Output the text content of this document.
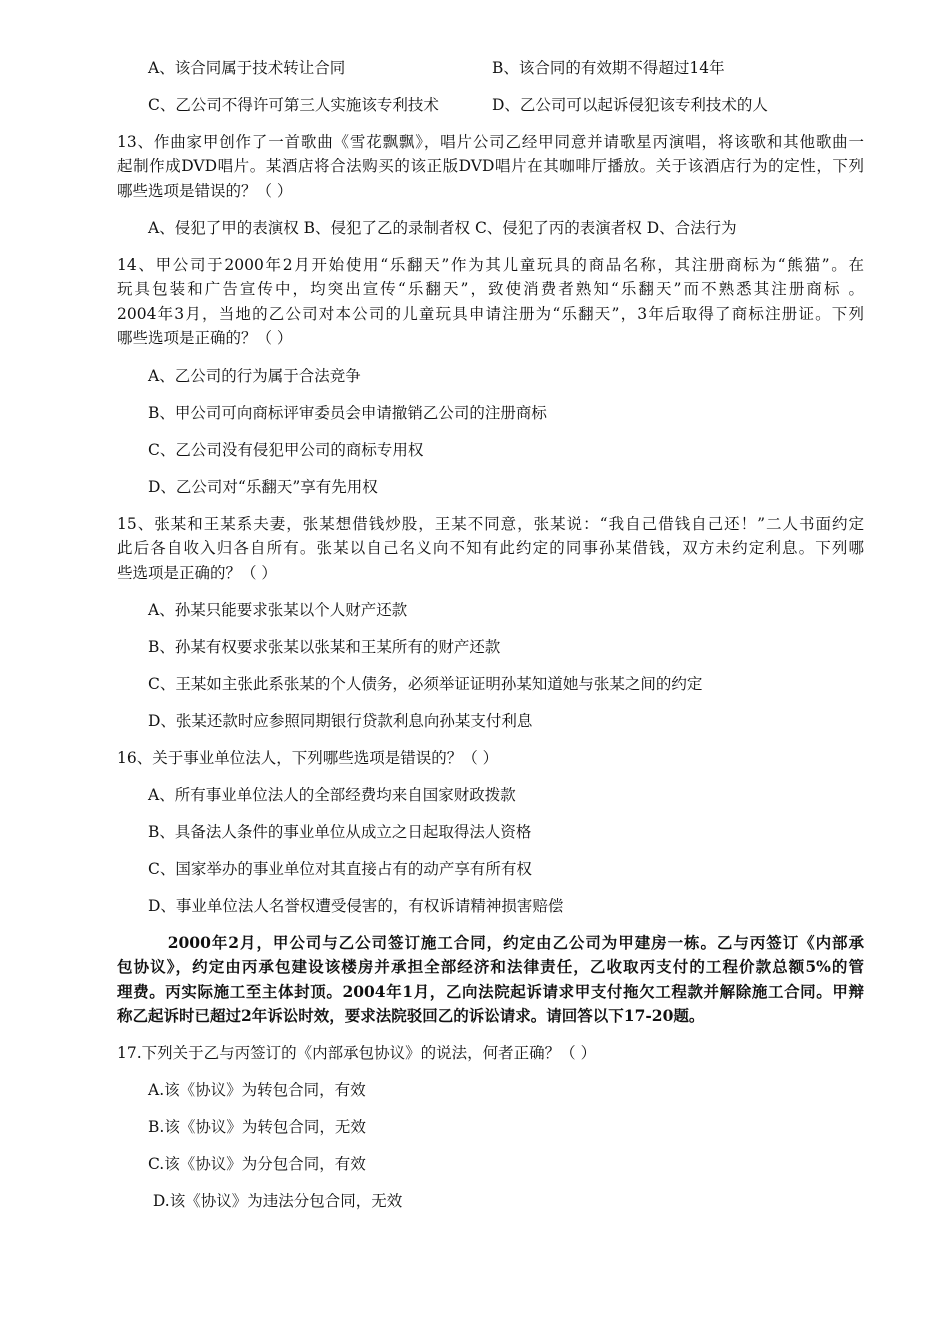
A、该合同属于技术转让合同	B、该合同的有效期不得超过14年
C、乙公司不得许可第三人实施该专利技术	D、乙公司可以起诉侵犯该专利技术的人

13、作曲家甲创作了一首歌曲《雪花飘飘》，唱片公司乙经甲同意并请歌星丙演唱，将该歌和其他歌曲一

起制作成DVD唱片。某酒店将合法购买的该正版DVD唱片在其咖啡厅播放。关于该酒店行为的定性，下列

哪些选项是错误的？（ ）

A、侵犯了甲的表演权 B、侵犯了乙的录制者权 C、侵犯了丙的表演者权 D、合法行为

14、甲公司于2000年2月开始使用“乐翻天”作为其儿童玩具的商品名称，其注册商标为“熊猫”。在

玩具包装和广告宣传中，均突出宣传“乐翻天”，致使消费者熟知“乐翻天”而不熟悉其注册商标 。

2004年3月，当地的乙公司对本公司的儿童玩具申请注册为“乐翻天”，3年后取得了商标注册证。下列

哪些选项是正确的？（ ）

A、乙公司的行为属于合法竞争
B、甲公司可向商标评审委员会申请撤销乙公司的注册商标
C、乙公司没有侵犯甲公司的商标专用权
D、乙公司对“乐翻天”享有先用权

15、张某和王某系夫妻，张某想借钱炒股，王某不同意，张某说：“我自己借钱自己还！”二人书面约定

此后各自收入归各自所有。张某以自己名义向不知有此约定的同事孙某借钱，双方未约定利息。下列哪

些选项是正确的？（ ）

A、孙某只能要求张某以个人财产还款
B、孙某有权要求张某以张某和王某所有的财产还款
C、王某如主张此系张某的个人债务，必须举证证明孙某知道她与张某之间的约定
D、张某还款时应参照同期银行贷款利息向孙某支付利息
16、关于事业单位法人，下列哪些选项是错误的？（ ）
A、所有事业单位法人的全部经费均来自国家财政拨款
B、具备法人条件的事业单位从成立之日起取得法人资格
C、国家举办的事业单位对其直接占有的动产享有所有权
D、事业单位法人名誉权遭受侵害的，有权诉请精神损害赔偿

2000年2月，甲公司与乙公司签订施工合同，约定由乙公司为甲建房一栋。乙与丙签订《内部承

包协议》，约定由丙承包建设该楼房并承担全部经济和法律责任，乙收取丙支付的工程价款总额5%的管

理费。丙实际施工至主体封顶。2004年1月，乙向法院起诉请求甲支付拖欠工程款并解除施工合同。甲辩

称乙起诉时已超过2年诉讼时效，要求法院驳回乙的诉讼请求。请回答以下17-20题。

17.下列关于乙与丙签订的《内部承包协议》的说法，何者正确？（ ）
A.该《协议》为转包合同，有效
B.该《协议》为转包合同，无效
C.该《协议》为分包合同，有效
D.该《协议》为违法分包合同，无效
